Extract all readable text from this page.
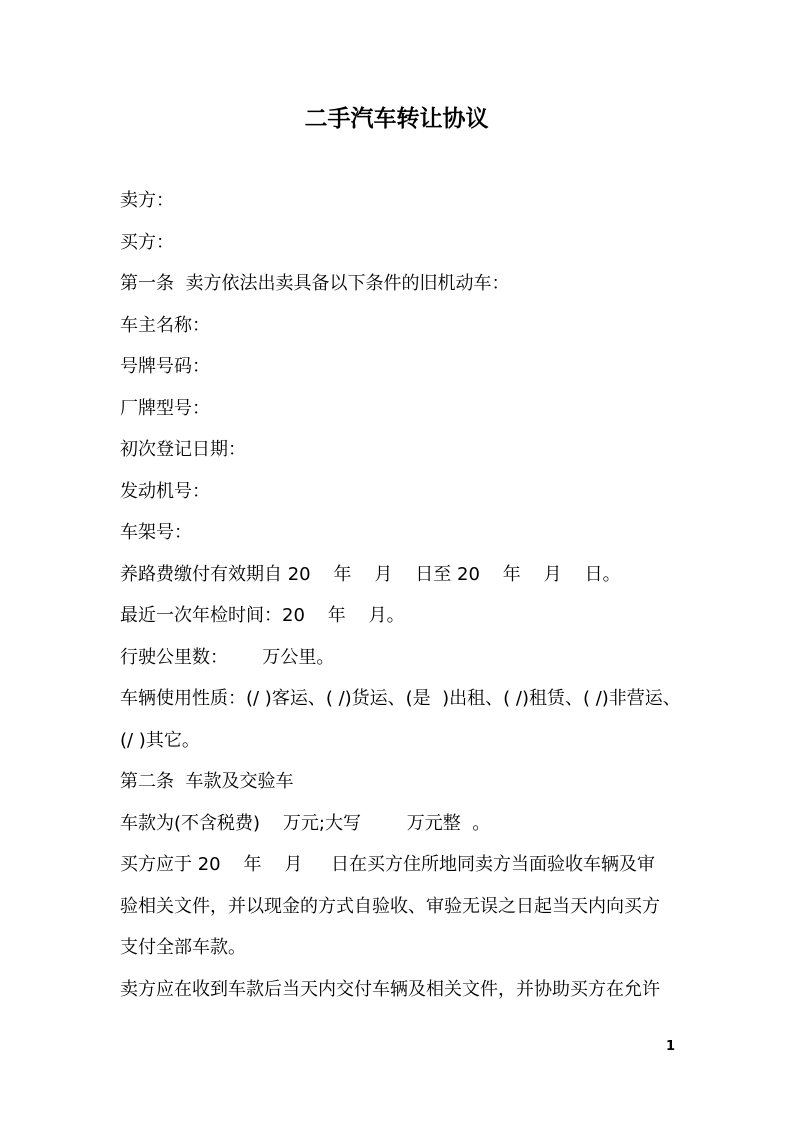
二手汽车转让协议
卖方：
买方：
第一条  卖方依法出卖具备以下条件的旧机动车：
车主名称：
号牌号码：
厂牌型号：
初次登记日期：
发动机号：
车架号：
养路费缴付有效期自 20    年    月    日至 20    年    月    日。
最近一次年检时间：20    年    月。
行驶公里数：      万公里。
车辆使用性质：(/ )客运、( /)货运、(是  )出租、( /)租赁、( /)非营运、
(/ )其它。
第二条  车款及交验车
车款为(不含税费)    万元;大写        万元整  。
买方应于 20    年    月     日在买方住所地同卖方当面验收车辆及审
验相关文件，并以现金的方式自验收、审验无误之日起当天内向买方
支付全部车款。
卖方应在收到车款后当天内交付车辆及相关文件，并协助买方在允许
1
